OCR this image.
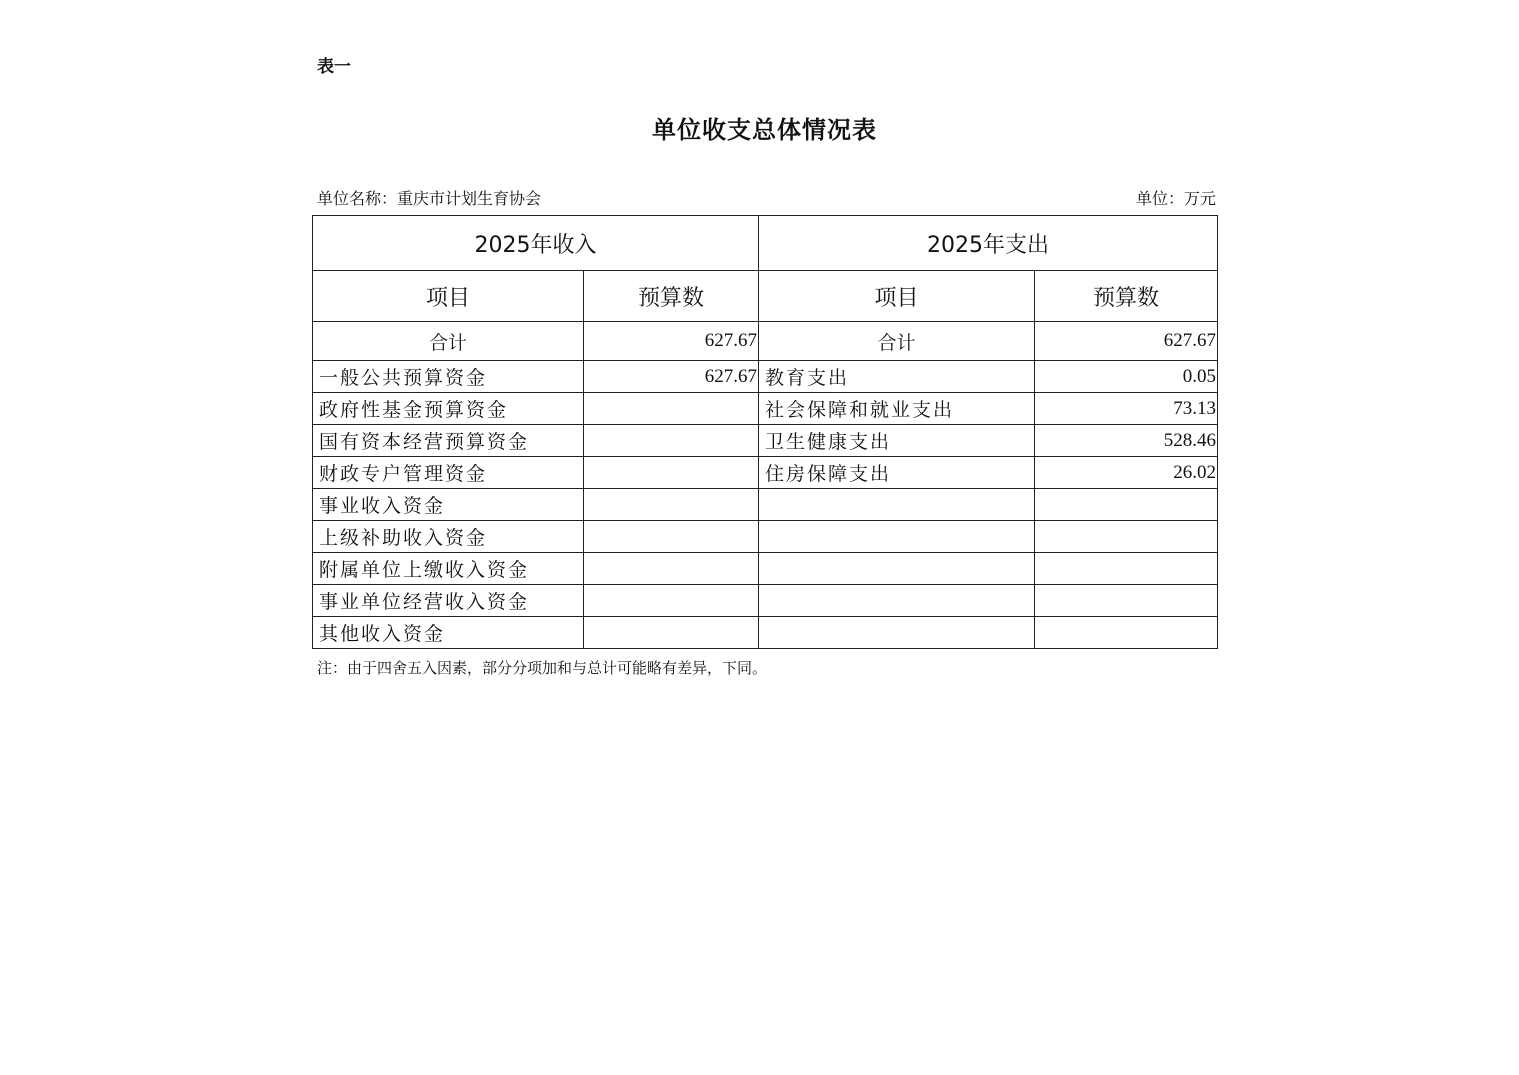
表一
单位收支总体情况表
单位名称：重庆市计划生育协会	单位：万元
2025年收入		2025年支出	
项目	预算数	项目	预算数
合计	627.67	合计	627.67
一般公共预算资金	627.67	教育支出	0.05
政府性基金预算资金		社会保障和就业支出	73.13
国有资本经营预算资金		卫生健康支出	528.46
财政专户管理资金		住房保障支出	26.02
事业收入资金			
上级补助收入资金			
附属单位上缴收入资金			
事业单位经营收入资金			
其他收入资金			
注：由于四舍五入因素，部分分项加和与总计可能略有差异，下同。
